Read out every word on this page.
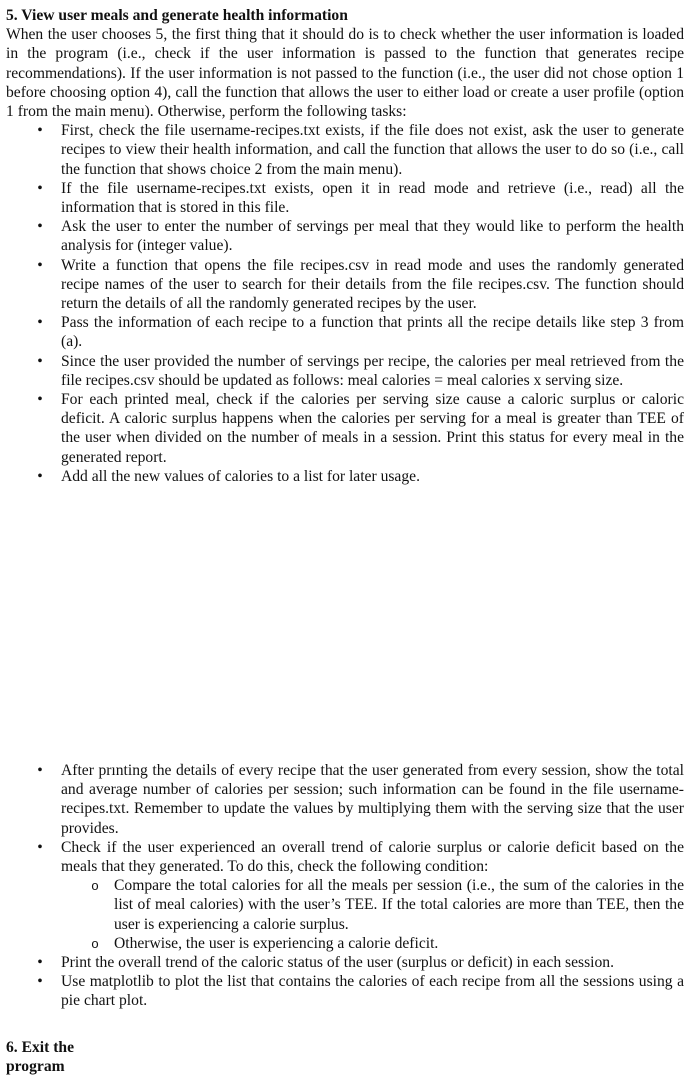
5. View user meals and generate health information

When the user chooses 5, the first thing that it should do is to check whether the user information is loaded in the program (i.e., check if the user information is passed to the function that generates recipe recommendations). If the user information is not passed to the function (i.e., the user did not chose option 1 before choosing option 4), call the function that allows the user to either load or create a user profile (option 1 from the main menu). Otherwise, perform the following tasks:

• First, check the file username-recipes.txt exists, if the file does not exist, ask the user to generate recipes to view their health information, and call the function that allows the user to do so (i.e., call the function that shows choice 2 from the main menu).
• If the file username-recipes.txt exists, open it in read mode and retrieve (i.e., read) all the information that is stored in this file.
• Ask the user to enter the number of servings per meal that they would like to perform the health analysis for (integer value).
• Write a function that opens the file recipes.csv in read mode and uses the randomly generated recipe names of the user to search for their details from the file recipes.csv. The function should return the details of all the randomly generated recipes by the user.
• Pass the information of each recipe to a function that prints all the recipe details like step 3 from (a).
• Since the user provided the number of servings per recipe, the calories per meal retrieved from the file recipes.csv should be updated as follows: meal calories = meal calories x serving size.
• For each printed meal, check if the calories per serving size cause a caloric surplus or caloric deficit. A caloric surplus happens when the calories per serving for a meal is greater than TEE of the user when divided on the number of meals in a session. Print this status for every meal in the generated report.
• Add all the new values of calories to a list for later usage.
• After prınting the details of every recipe that the user generated from every session, show the total and average number of calories per session; such information can be found in the file username-recipes.txt. Remember to update the values by multiplying them with the serving size that the user provides.
• Check if the user experienced an overall trend of calorie surplus or calorie deficit based on the meals that they generated. To do this, check the following condition:
o Compare the total calories for all the meals per session (i.e., the sum of the calories in the list of meal calories) with the user’s TEE. If the total calories are more than TEE, then the user is experiencing a calorie surplus.
o Otherwise, the user is experiencing a calorie deficit.
• Print the overall trend of the caloric status of the user (surplus or deficit) in each session.
• Use matplotlib to plot the list that contains the calories of each recipe from all the sessions using a pie chart plot.
6. Exit the program
